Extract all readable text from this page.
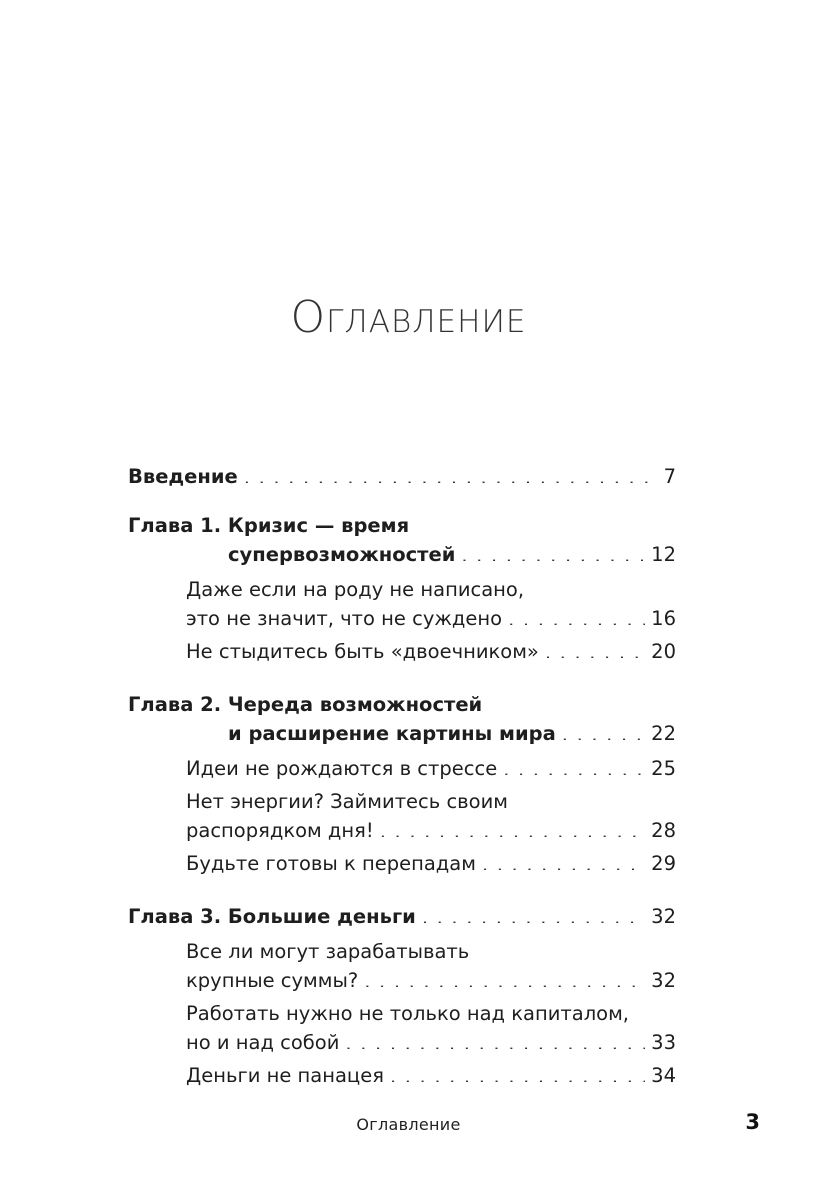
Оглавление
Введение . . .	7
Глава 1. Кризис — время
супервозможностей . . .	12
Даже если на роду не написано,
это не значит, что не суждено . . .	16
Не стыдитесь быть «двоечником» . . .	20
Глава 2. Череда возможностей
и расширение картины мира . . .	22
Идеи не рождаются в стрессе . . .	25
Нет энергии? Займитесь своим
распорядком дня! . . .	28
Будьте готовы к перепадам . . .	29
Глава 3. Большие деньги . . .	32
Все ли могут зарабатывать
крупные суммы? . . .	32
Работать нужно не только над капиталом,
но и над собой . . .	33
Деньги не панацея . . .	34
Оглавление	3
